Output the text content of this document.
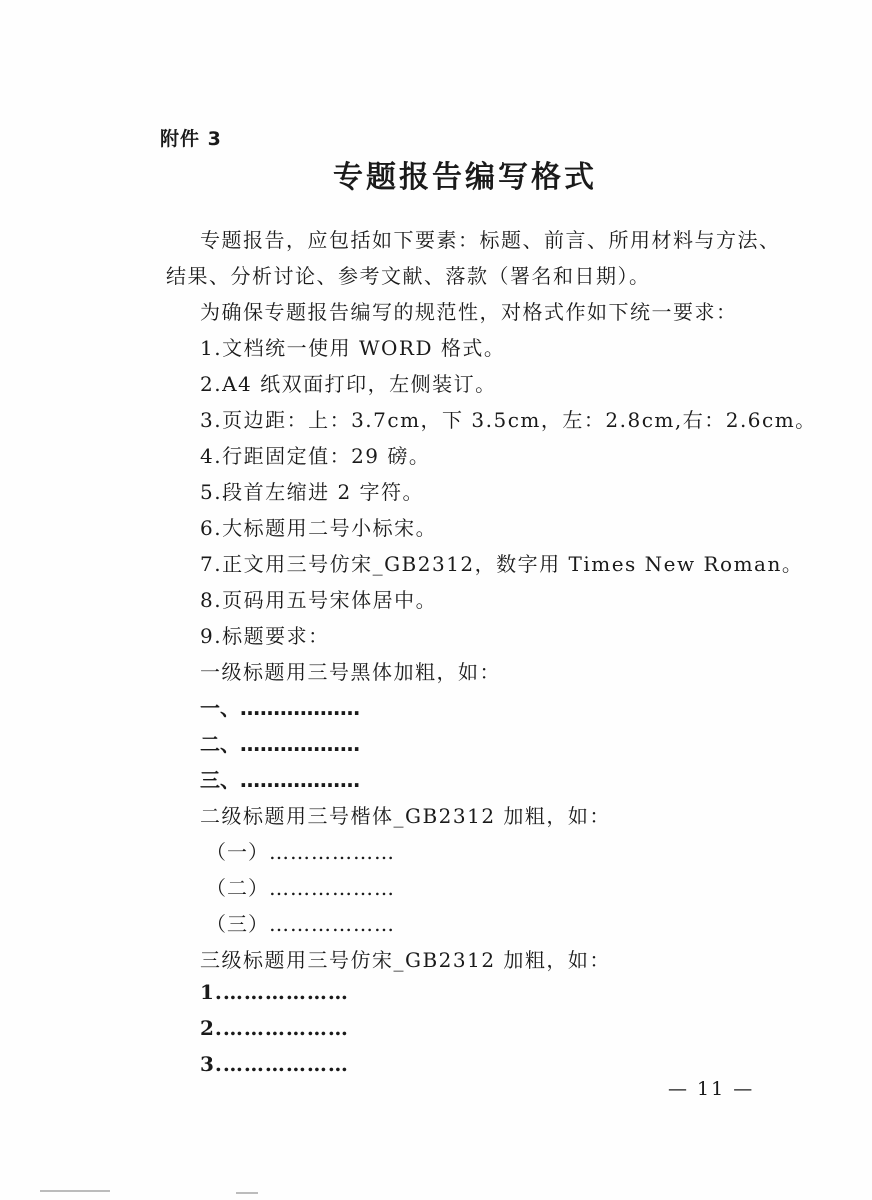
附件 3
专题报告编写格式
专题报告，应包括如下要素：标题、前言、所用材料与方法、
结果、分析讨论、参考文献、落款（署名和日期）。
为确保专题报告编写的规范性，对格式作如下统一要求：
1.文档统一使用 WORD 格式。
2.A4 纸双面打印，左侧装订。
3.页边距：上：3.7cm，下 3.5cm，左：2.8cm,右：2.6cm。
4.行距固定值：29 磅。
5.段首左缩进 2 字符。
6.大标题用二号小标宋。
7.正文用三号仿宋_GB2312，数字用 Times New Roman。
8.页码用五号宋体居中。
9.标题要求：
一级标题用三号黑体加粗，如：
一、………………
二、………………
三、………………
二级标题用三号楷体_GB2312 加粗，如：
（一）………………
（二）………………
（三）………………
三级标题用三号仿宋_GB2312 加粗，如：
1.………………
2.………………
3.………………
— 11 —
